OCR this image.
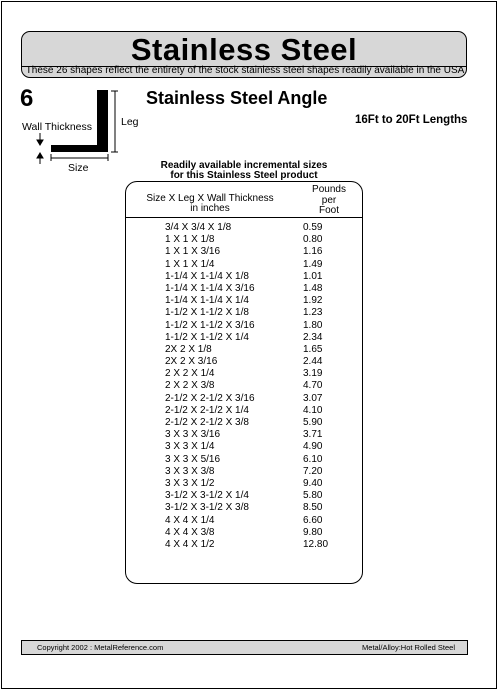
Stainless Steel
These 26 shapes reflect the entirety of the stock stainless steel shapes readily available in the USA
6	Stainless Steel Angle
16Ft to 20Ft Lengths
Wall Thickness	Leg
Size	Readily available incremental sizes
for this Stainless Steel product
Size X Leg X Wall Thickness
in inches
Pounds
per
Foot
3/4 X 3/4 X 1/8	0.59
1 X 1 X 1/8	0.80
1 X 1 X 3/16	1.16
1 X 1 X 1/4	1.49
1-1/4 X 1-1/4 X 1/8	1.01
1-1/4 X 1-1/4 X 3/16	1.48
1-1/4 X 1-1/4 X 1/4	1.92
1-1/2 X 1-1/2 X 1/8	1.23
1-1/2 X 1-1/2 X 3/16	1.80
1-1/2 X 1-1/2 X 1/4	2.34
2X 2 X 1/8	1.65
2X 2 X 3/16	2.44
2 X 2 X 1/4	3.19
2 X 2 X 3/8	4.70
2-1/2 X 2-1/2 X 3/16	3.07
2-1/2 X 2-1/2 X 1/4	4.10
2-1/2 X 2-1/2 X 3/8	5.90
3 X 3 X 3/16	3.71
3 X 3 X 1/4	4.90
3 X 3 X 5/16	6.10
3 X 3 X 3/8	7.20
3 X 3 X 1/2	9.40
3-1/2 X 3-1/2 X 1/4	5.80
3-1/2 X 3-1/2 X 3/8	8.50
4 X 4 X 1/4	6.60
4 X 4 X 3/8	9.80
4 X 4 X 1/2	12.80
Copyright 2002 : MetalReference.com	Metal/Alloy:Hot Rolled Steel
